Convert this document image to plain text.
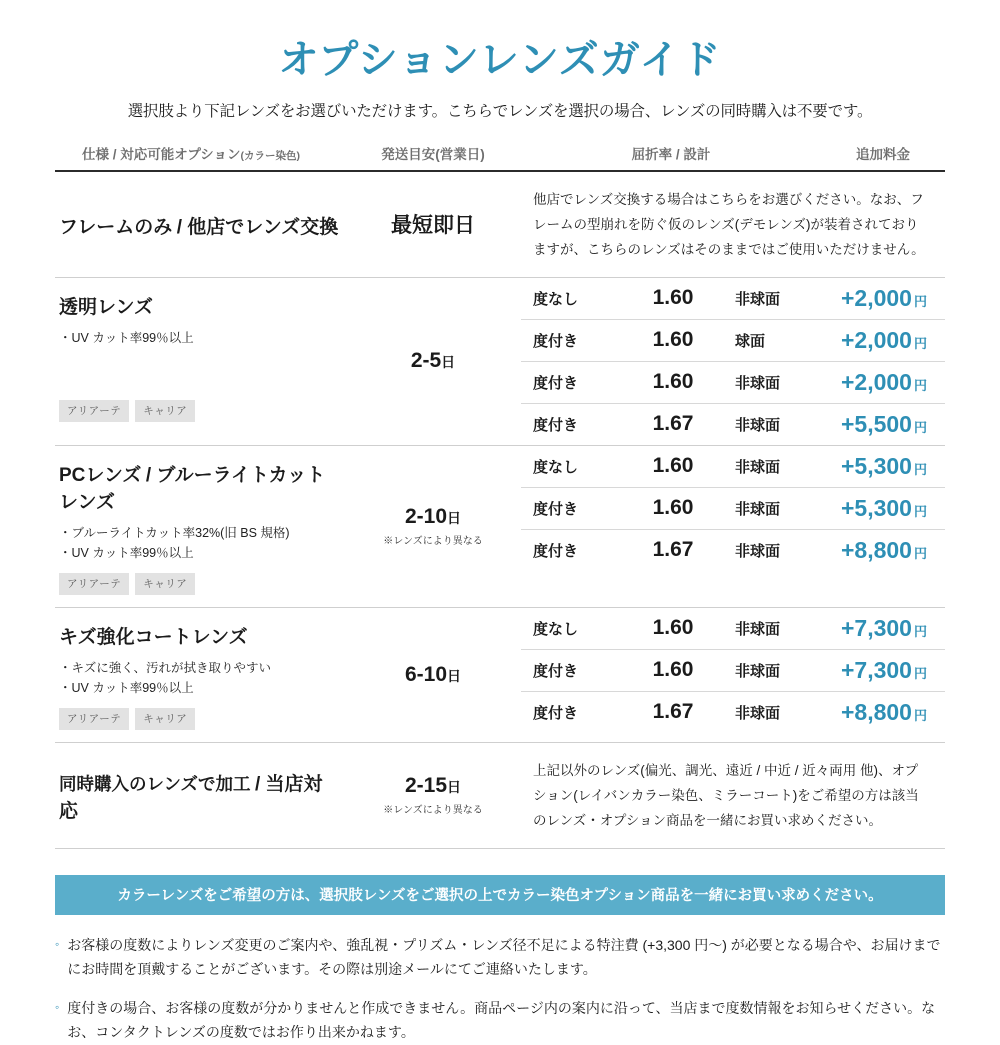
オプションレンズガイド
選択肢より下記レンズをお選びいただけます。こちらでレンズを選択の場合、レンズの同時購入は不要です。
仕様 / 対応可能オプション(カラー染色)	発送目安(営業日)	屈折率 / 設計	追加料金
フレームのみ / 他店でレンズ交換	最短即日
他店でレンズ交換する場合はこちらをお選びください。なお、フレームの型崩れを防ぐ仮のレンズ(デモレンズ)が装着されておりますが、こちらのレンズはそのままではご使用いただけません。
透明レンズ
・UV カット率99％以上
アリアーテ	キャリア
2-5日
度なし	1.60	非球面	+2,000 円
度付き	1.60	球面	+2,000 円
度付き	1.60	非球面	+2,000 円
度付き	1.67	非球面	+5,500 円
PCレンズ / ブルーライトカットレンズ
・ブルーライトカット率32%(旧 BS 規格)
・UV カット率99％以上
アリアーテ	キャリア
2-10日
※レンズにより異なる
度なし	1.60	非球面	+5,300 円
度付き	1.60	非球面	+5,300 円
度付き	1.67	非球面	+8,800 円
キズ強化コートレンズ
・キズに強く、汚れが拭き取りやすい
・UV カット率99％以上
アリアーテ	キャリア
6-10日
度なし	1.60	非球面	+7,300 円
度付き	1.60	非球面	+7,300 円
度付き	1.67	非球面	+8,800 円
同時購入のレンズで加工 / 当店対応
2-15日
※レンズにより異なる
上記以外のレンズ(偏光、調光、遠近 / 中近 / 近々両用 他)、オプション(レイバンカラー染色、ミラーコート)をご希望の方は該当のレンズ・オプション商品を一緒にお買い求めください。
カラーレンズをご希望の方は、選択肢レンズをご選択の上でカラー染色オプション商品を一緒にお買い求めください。
◦ お客様の度数によりレンズ変更のご案内や、強乱視・プリズム・レンズ径不足による特注費 (+3,300 円〜) が必要となる場合や、お届けまでにお時間を頂戴することがございます。その際は別途メールにてご連絡いたします。
◦ 度付きの場合、お客様の度数が分かりませんと作成できません。商品ページ内の案内に沿って、当店まで度数情報をお知らせください。なお、コンタクトレンズの度数ではお作り出来かねます。
